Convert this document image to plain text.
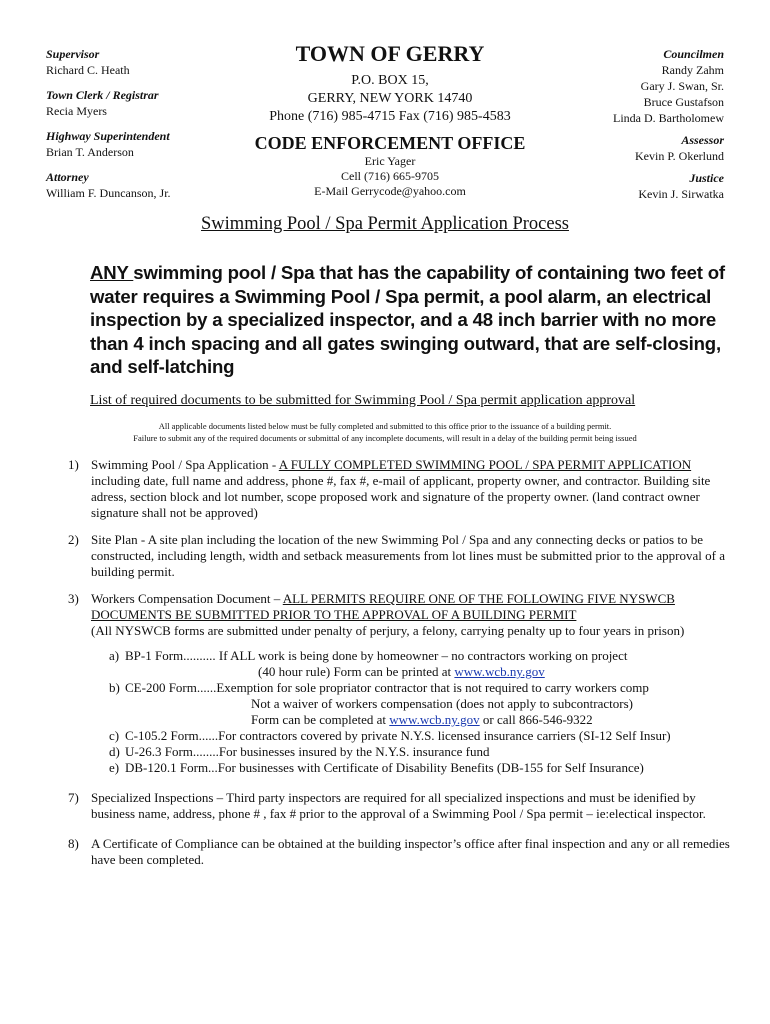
Supervisor
Richard C. Heath
Town Clerk / Registrar
Recia Myers
Highway Superintendent
Brian T. Anderson
Attorney
William F. Duncanson, Jr.
TOWN OF GERRY
P.O. BOX 15,
GERRY, NEW YORK 14740
Phone (716) 985-4715 Fax (716) 985-4583
CODE ENFORCEMENT OFFICE
Eric Yager
Cell (716) 665-9705
E-Mail Gerrycode@yahoo.com
Councilmen
Randy Zahm
Gary J. Swan, Sr.
Bruce Gustafson
Linda D. Bartholomew
Assessor
Kevin P. Okerlund
Justice
Kevin J. Sirwatka
Swimming Pool / Spa Permit Application Process
ANY swimming pool / Spa that has the capability of containing two feet of water requires a Swimming Pool / Spa permit, a pool alarm, an electrical inspection by a specialized inspector, and a 48 inch barrier with no more than 4 inch spacing and all gates swinging outward, that are self-closing, and self-latching
List of required documents to be submitted for Swimming Pool / Spa permit application approval
All applicable documents listed below must be fully completed and submitted to this office prior to the issuance of a building permit.
Failure to submit any of the required documents or submittal of any incomplete documents, will result in a delay of the building permit being issued
1) Swimming Pool / Spa Application - A FULLY COMPLETED SWIMMING POOL / SPA PERMIT APPLICATION including date, full name and address, phone #, fax #, e-mail of applicant, property owner, and contractor. Building site adress, section block and lot number, scope proposed work and signature of the property owner. (land contract owner signature shall not be approved)
2) Site Plan - A site plan including the location of the new Swimming Pol / Spa and any connecting decks or patios to be constructed, including length, width and setback measurements from lot lines must be submitted prior to the approval of a building permit.
3) Workers Compensation Document – ALL PERMITS REQUIRE ONE OF THE FOLLOWING FIVE NYSWCB DOCUMENTS BE SUBMITTED PRIOR TO THE APPROVAL OF A BUILDING PERMIT
(All NYSWCB forms are submitted under penalty of perjury, a felony, carrying penalty up to four years in prison)
a) BP-1 Form.......... If ALL work is being done by homeowner – no contractors working on project
(40 hour rule) Form can be printed at www.wcb.ny.gov
b) CE-200 Form......Exemption for sole propriator contractor that is not required to carry workers comp
Not a waiver of workers compensation (does not apply to subcontractors)
Form can be completed at www.wcb.ny.gov or call 866-546-9322
c) C-105.2 Form......For contractors covered by private N.Y.S. licensed insurance carriers (SI-12 Self Insur)
d) U-26.3 Form........For businesses insured by the N.Y.S. insurance fund
e) DB-120.1 Form...For businesses with Certificate of Disability Benefits (DB-155 for Self Insurance)
7) Specialized Inspections – Third party inspectors are required for all specialized inspections and must be idenified by business name, address, phone # , fax # prior to the approval of a Swimming Pool / Spa permit – ie:electical inspector.
8) A Certificate of Compliance can be obtained at the building inspector’s office after final inspection and any or all remedies have been completed.
